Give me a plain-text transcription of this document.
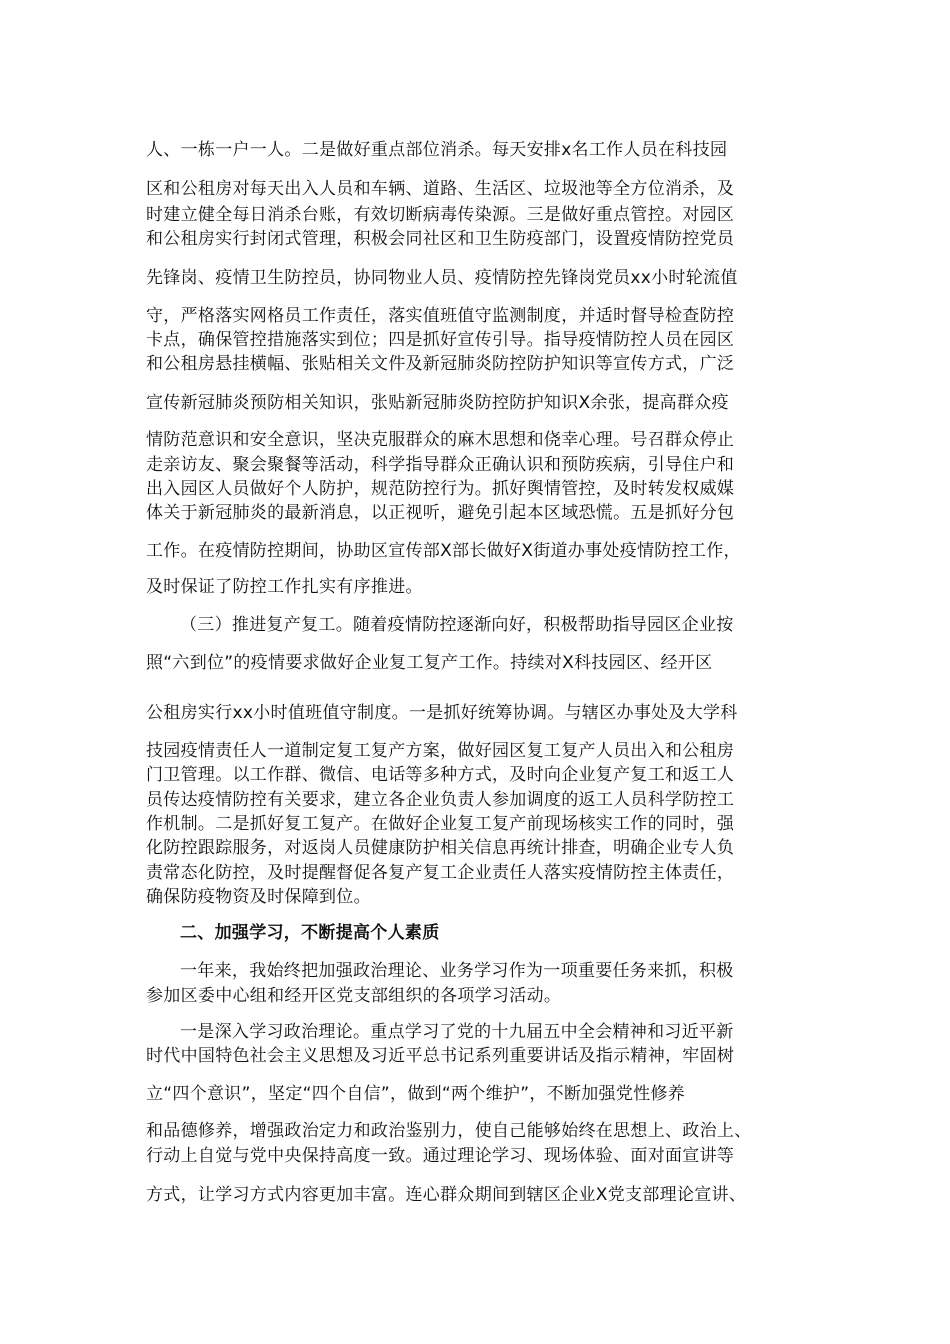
人、一栋一户一人。二是做好重点部位消杀。每天安排x名工作人员在科技园
区和公租房对每天出入人员和车辆、道路、生活区、垃圾池等全方位消杀，及
时建立健全每日消杀台账，有效切断病毒传染源。三是做好重点管控。对园区
和公租房实行封闭式管理，积极会同社区和卫生防疫部门，设置疫情防控党员
先锋岗、疫情卫生防控员，协同物业人员、疫情防控先锋岗党员xx小时轮流值
守，严格落实网格员工作责任，落实值班值守监测制度，并适时督导检查防控
卡点，确保管控措施落实到位；四是抓好宣传引导。指导疫情防控人员在园区
和公租房悬挂横幅、张贴相关文件及新冠肺炎防控防护知识等宣传方式，广泛
宣传新冠肺炎预防相关知识，张贴新冠肺炎防控防护知识X余张，提高群众疫
情防范意识和安全意识，坚决克服群众的麻木思想和侥幸心理。号召群众停止
走亲访友、聚会聚餐等活动，科学指导群众正确认识和预防疾病，引导住户和
出入园区人员做好个人防护，规范防控行为。抓好舆情管控，及时转发权威媒
体关于新冠肺炎的最新消息，以正视听，避免引起本区域恐慌。五是抓好分包
工作。在疫情防控期间，协助区宣传部X部长做好X街道办事处疫情防控工作，
及时保证了防控工作扎实有序推进。
（三）推进复产复工。随着疫情防控逐渐向好，积极帮助指导园区企业按
照“六到位”的疫情要求做好企业复工复产工作。持续对X科技园区、经开区
公租房实行xx小时值班值守制度。一是抓好统筹协调。与辖区办事处及大学科
技园疫情责任人一道制定复工复产方案，做好园区复工复产人员出入和公租房
门卫管理。以工作群、微信、电话等多种方式，及时向企业复产复工和返工人
员传达疫情防控有关要求，建立各企业负责人参加调度的返工人员科学防控工
作机制。二是抓好复工复产。在做好企业复工复产前现场核实工作的同时，强
化防控跟踪服务，对返岗人员健康防护相关信息再统计排查，明确企业专人负
责常态化防控，及时提醒督促各复产复工企业责任人落实疫情防控主体责任，
确保防疫物资及时保障到位。
二、加强学习，不断提高个人素质
一年来，我始终把加强政治理论、业务学习作为一项重要任务来抓，积极
参加区委中心组和经开区党支部组织的各项学习活动。
一是深入学习政治理论。重点学习了党的十九届五中全会精神和习近平新
时代中国特色社会主义思想及习近平总书记系列重要讲话及指示精神，牢固树
立“四个意识”，坚定“四个自信”，做到“两个维护”，不断加强党性修养
和品德修养，增强政治定力和政治鉴别力，使自己能够始终在思想上、政治上、
行动上自觉与党中央保持高度一致。通过理论学习、现场体验、面对面宣讲等
方式，让学习方式内容更加丰富。连心群众期间到辖区企业X党支部理论宣讲、
